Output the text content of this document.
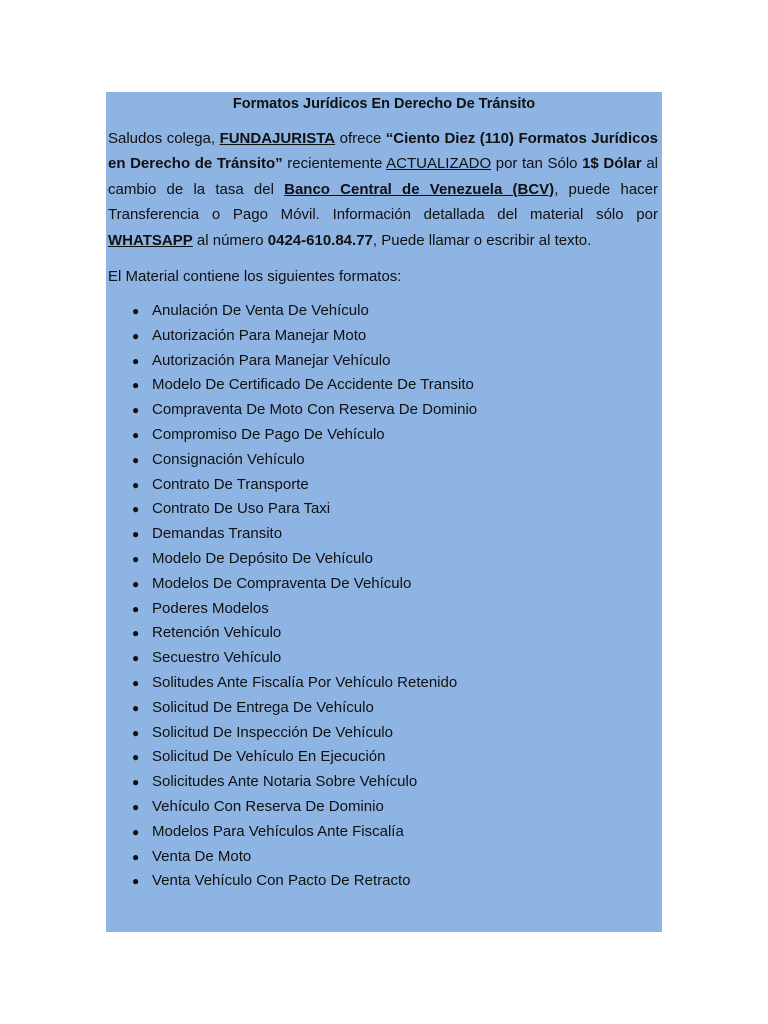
Formatos Jurídicos En Derecho De Tránsito

Saludos colega, FUNDAJURISTA ofrece “Ciento Diez (110) Formatos Jurídicos en Derecho de Tránsito” recientemente ACTUALIZADO por tan Sólo 1$ Dólar al cambio de la tasa del Banco Central de Venezuela (BCV), puede hacer Transferencia o Pago Móvil. Información detallada del material sólo por WHATSAPP al número 0424-610.84.77, Puede llamar o escribir al texto.

El Material contiene los siguientes formatos:

● Anulación De Venta De Vehículo
● Autorización Para Manejar Moto
● Autorización Para Manejar Vehículo
● Modelo De Certificado De Accidente De Transito
● Compraventa De Moto Con Reserva De Dominio
● Compromiso De Pago De Vehículo
● Consignación Vehículo
● Contrato De Transporte
● Contrato De Uso Para Taxi
● Demandas Transito
● Modelo De Depósito De Vehículo
● Modelos De Compraventa De Vehículo
● Poderes Modelos
● Retención Vehículo
● Secuestro Vehículo
● Solitudes Ante Fiscalía Por Vehículo Retenido
● Solicitud De Entrega De Vehículo
● Solicitud De Inspección De Vehículo
● Solicitud De Vehículo En Ejecución
● Solicitudes Ante Notaria Sobre Vehículo
● Vehículo Con Reserva De Dominio
● Modelos Para Vehículos Ante Fiscalía
● Venta De Moto
● Venta Vehículo Con Pacto De Retracto
